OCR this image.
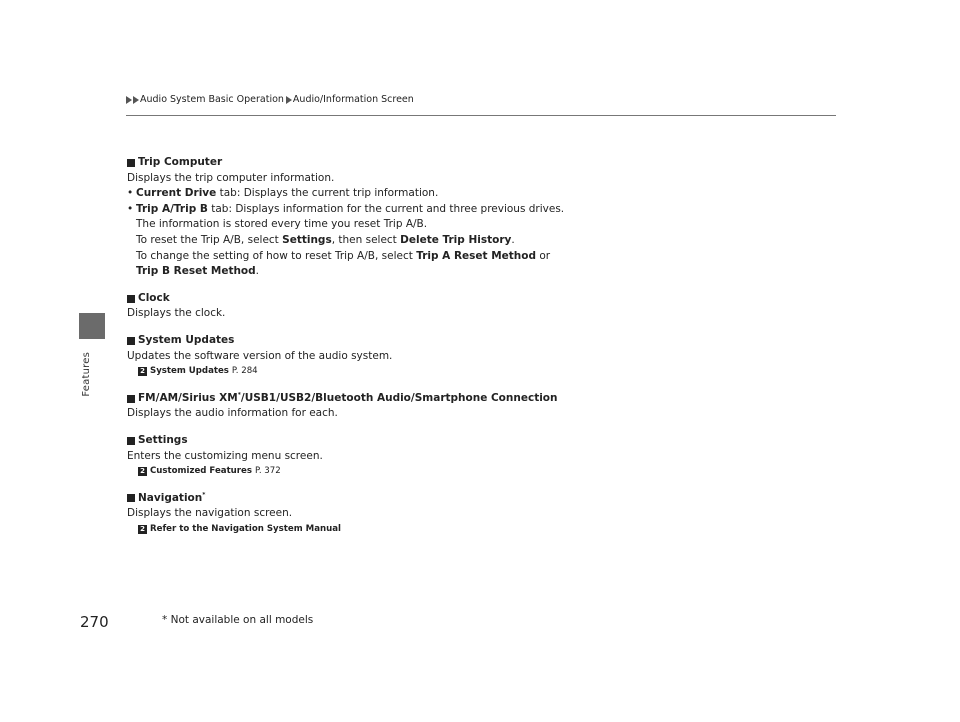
Audio System Basic Operation Audio/Information Screen
Features
Trip Computer
Displays the trip computer information.
• Current Drive tab: Displays the current trip information.
• Trip A/Trip B tab: Displays information for the current and three previous drives.
The information is stored every time you reset Trip A/B.
To reset the Trip A/B, select Settings, then select Delete Trip History.
To change the setting of how to reset Trip A/B, select Trip A Reset Method or
Trip B Reset Method.
Clock
Displays the clock.
System Updates
Updates the software version of the audio system.
2 System Updates P. 284
FM/AM/Sirius XM*/USB1/USB2/Bluetooth Audio/Smartphone Connection
Displays the audio information for each.
Settings
Enters the customizing menu screen.
2 Customized Features P. 372
Navigation*
Displays the navigation screen.
2 Refer to the Navigation System Manual
270	* Not available on all models
